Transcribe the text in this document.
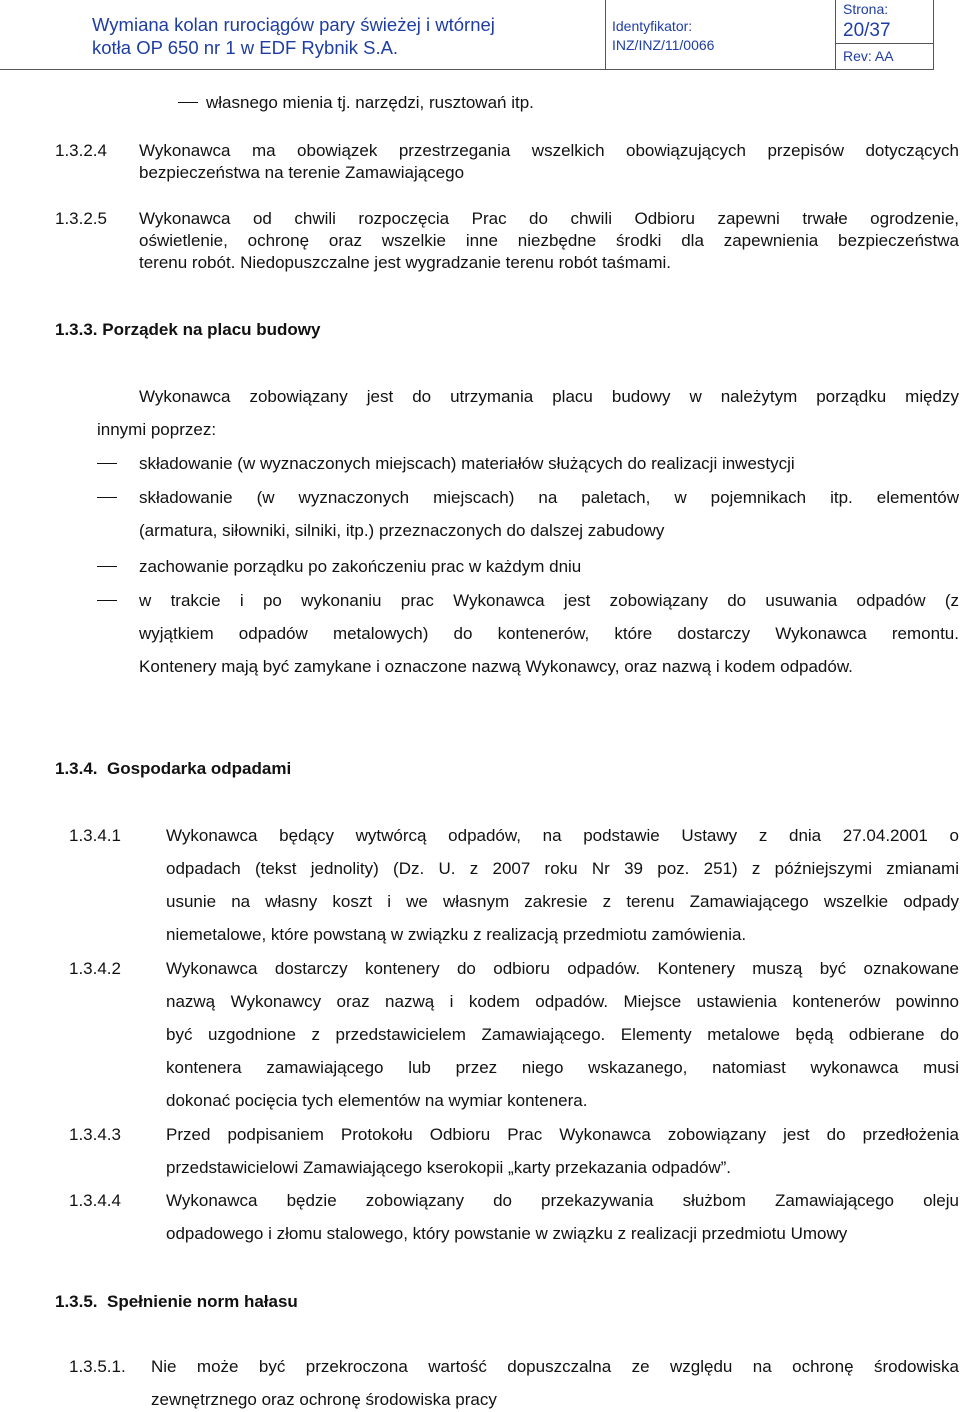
Wymiana kolan rurociągów pary świeżej i wtórnej
kotła OP 650 nr 1 w EDF Rybnik S.A.
Identyfikator:
INZ/INZ/11/0066
Strona:
20/37
Rev: AA
własnego mienia tj. narzędzi, rusztowań itp.
1.3.2.4 Wykonawca ma obowiązek przestrzegania wszelkich obowiązujących przepisów dotyczących
bezpieczeństwa na terenie Zamawiającego
1.3.2.5 Wykonawca od chwili rozpoczęcia Prac do chwili Odbioru zapewni trwałe ogrodzenie,
oświetlenie, ochronę oraz wszelkie inne niezbędne środki dla zapewnienia bezpieczeństwa
terenu robót. Niedopuszczalne jest wygradzanie terenu robót taśmami.
1.3.3. Porządek na placu budowy
Wykonawca zobowiązany jest do utrzymania placu budowy w należytym porządku między
innymi poprzez:
składowanie (w wyznaczonych miejscach) materiałów służących do realizacji inwestycji
składowanie (w wyznaczonych miejscach) na paletach, w pojemnikach itp. elementów
(armatura, siłowniki, silniki, itp.) przeznaczonych do dalszej zabudowy
zachowanie porządku po zakończeniu prac w każdym dniu
w trakcie i po wykonaniu prac Wykonawca jest zobowiązany do usuwania odpadów (z
wyjątkiem odpadów metalowych) do kontenerów, które dostarczy Wykonawca remontu.
Kontenery mają być zamykane i oznaczone nazwą Wykonawcy, oraz nazwą i kodem odpadów.
1.3.4.  Gospodarka odpadami
1.3.4.1	Wykonawca będący wytwórcą odpadów, na podstawie Ustawy z dnia 27.04.2001 o
odpadach (tekst jednolity) (Dz. U. z 2007 roku Nr 39 poz. 251) z późniejszymi zmianami
usunie na własny koszt i we własnym zakresie z terenu Zamawiającego wszelkie odpady
niemetalowe, które powstaną w związku z realizacją przedmiotu zamówienia.
1.3.4.2	Wykonawca dostarczy kontenery do odbioru odpadów. Kontenery muszą być oznakowane
nazwą Wykonawcy oraz nazwą i kodem odpadów. Miejsce ustawienia kontenerów powinno
być uzgodnione z przedstawicielem Zamawiającego. Elementy metalowe będą odbierane do
kontenera zamawiającego lub przez niego wskazanego, natomiast wykonawca musi
dokonać pocięcia tych elementów na wymiar kontenera.
1.3.4.3	Przed podpisaniem Protokołu Odbioru Prac Wykonawca zobowiązany jest do przedłożenia
przedstawicielowi Zamawiającego kserokopii „karty przekazania odpadów”.
1.3.4.4	Wykonawca będzie zobowiązany do przekazywania służbom Zamawiającego oleju
odpadowego i złomu stalowego, który powstanie w związku z realizacji przedmiotu Umowy
1.3.5.  Spełnienie norm hałasu
1.3.5.1. Nie może być przekroczona wartość dopuszczalna ze względu na ochronę środowiska
zewnętrznego oraz ochronę środowiska pracy
